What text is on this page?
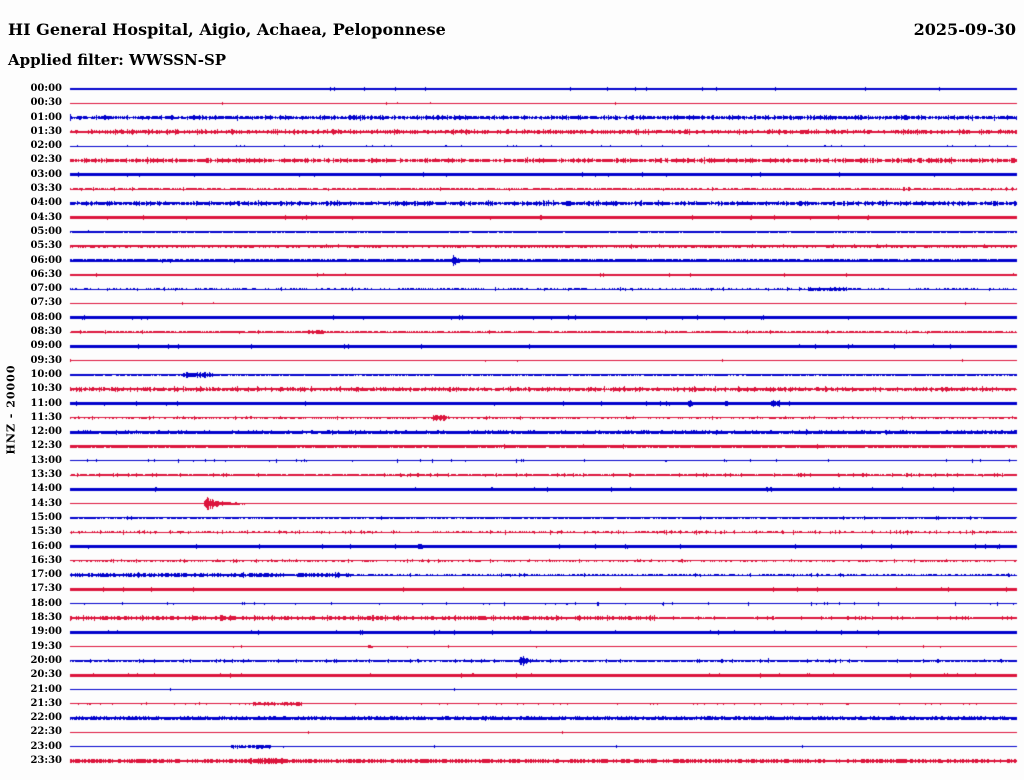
HI General Hospital, Aigio, Achaea, Peloponnese	2025-09-30
Applied filter: WWSSN-SP
HNZ - 20000
00:00
00:30
01:00
01:30
02:00
02:30
03:00
03:30
04:00
04:30
05:00
05:30
06:00
06:30
07:00
07:30
08:00
08:30
09:00
09:30
10:00
10:30
11:00
11:30
12:00
12:30
13:00
13:30
14:00
14:30
15:00
15:30
16:00
16:30
17:00
17:30
18:00
18:30
19:00
19:30
20:00
20:30
21:00
21:30
22:00
22:30
23:00
23:30
